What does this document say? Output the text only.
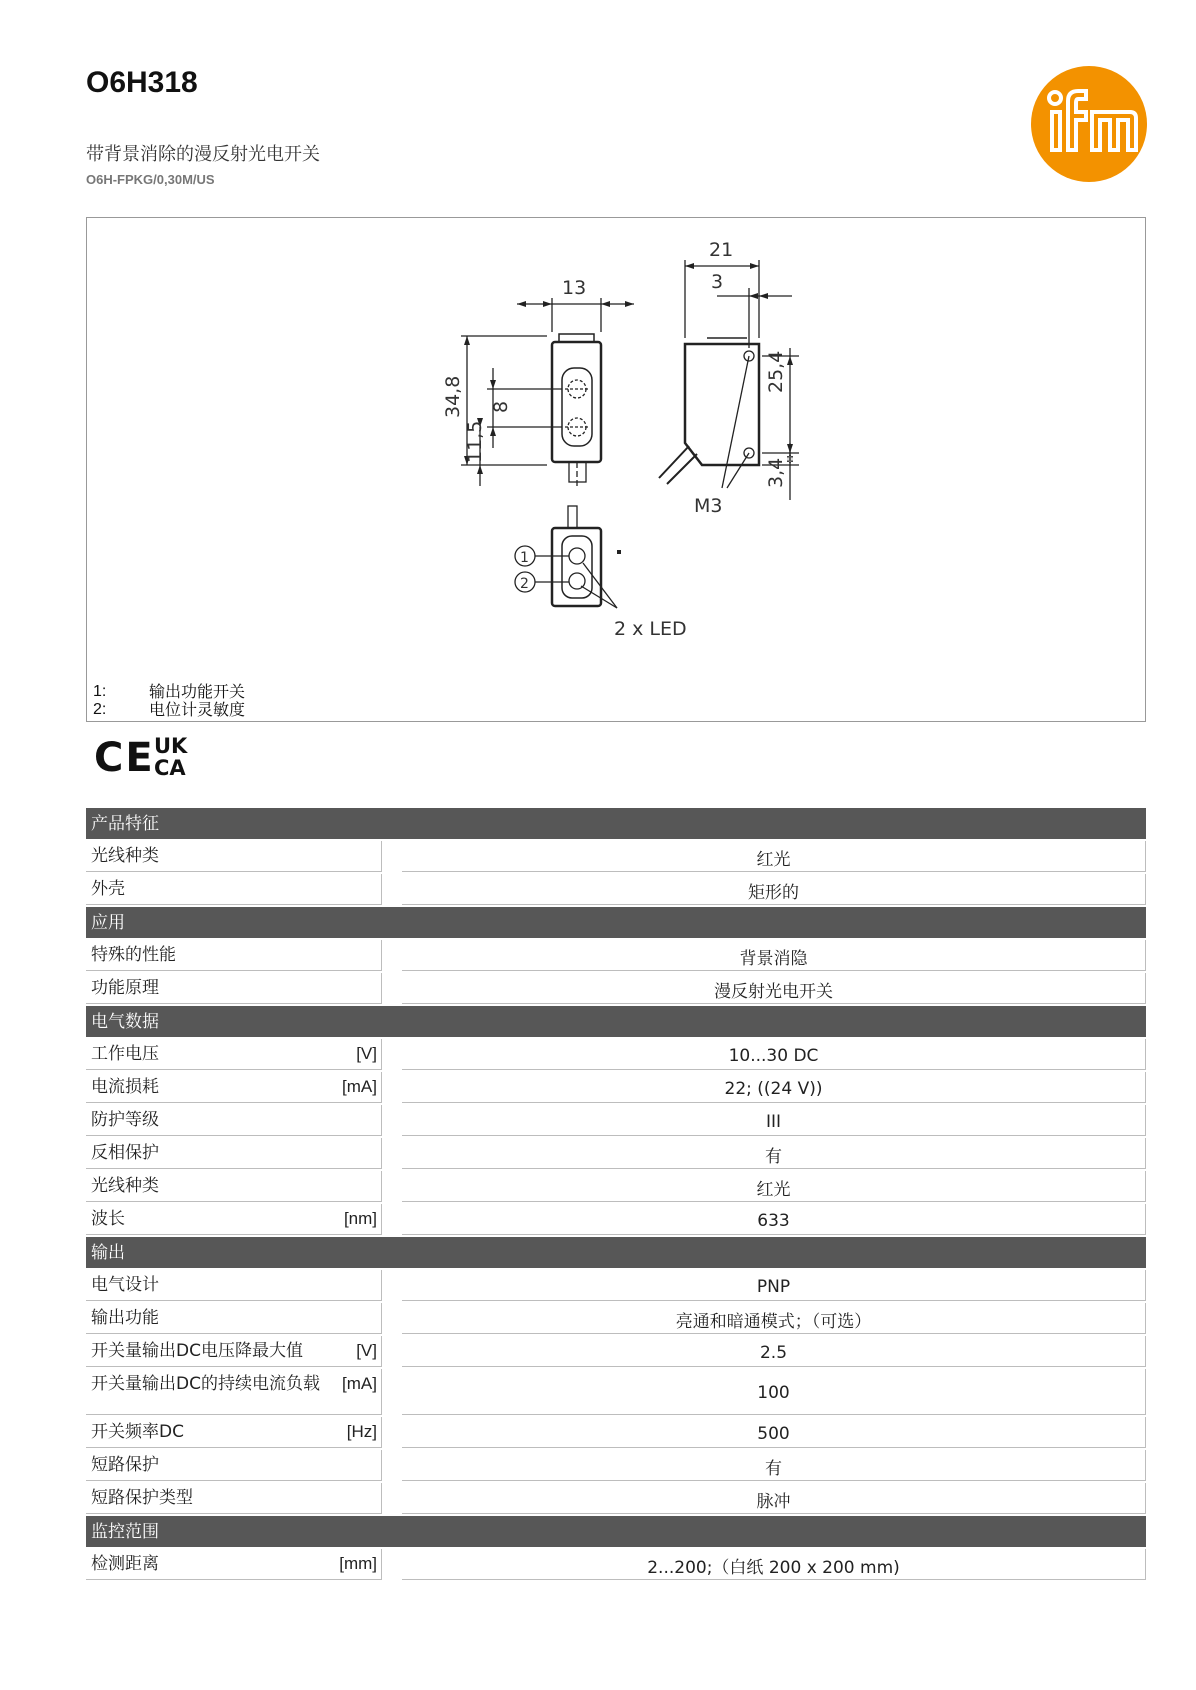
O6H318
带背景消除的漫反射光电开关
O6H-FPKG/0,30M/US
13
21
3
25,4
3,4
34,8 8
11,5
M3
2 x LED
1
2
1:	输出功能开关
2:	电位计灵敏度
CE UK
CA
产品特征
光线种类	红光
外壳	矩形的
应用
特殊的性能	背景消隐
功能原理	漫反射光电开关
电气数据
工作电压	[V]	10...30 DC
电流损耗	[mA]	22; ((24 V))
防护等级	III
反相保护	有
光线种类	红光
波长	[nm]	633
输出
电气设计	PNP
输出功能	亮通和暗通模式；（可选）
开关量输出DC电压降最大值	[V]	2.5
开关量输出DC的持续电流负载 [mA]	100
开关频率DC	[Hz]	500
短路保护	有
短路保护类型	脉冲
监控范围
检测距离	[mm]	2...200;（白纸 200 x 200 mm)
